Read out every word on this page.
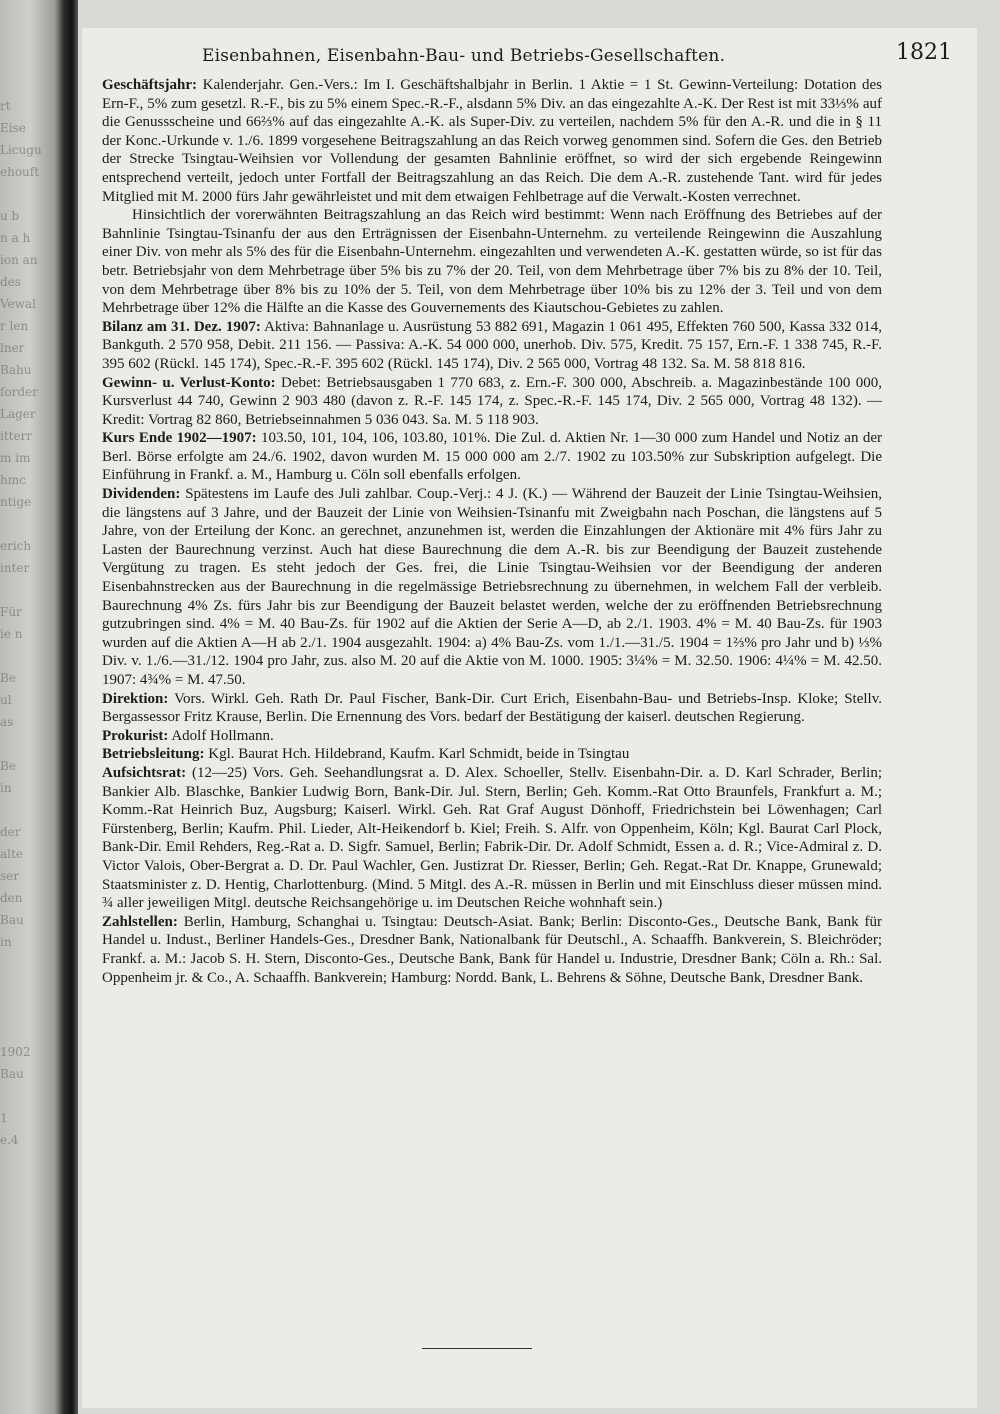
rt
Eise
Licugu
ehouft

u b
n a h
ion an
des
Vewal
r len
lner
Bahu
forder
Lager
itterr
m im
hmc
ntige

erich
inter

Für
ie n

Be
ul
as

Be
in

der
alte
ser
den
Bau
in

1902
Bau

1
e.4
Eisenbahnen, Eisenbahn-Bau- und Betriebs-Gesellschaften.	1821

Geschäftsjahr: Kalenderjahr. Gen.-Vers.: Im I. Geschäftshalbjahr in Berlin. 1 Aktie = 1 St. Gewinn-Verteilung: Dotation des Ern-F., 5% zum gesetzl. R.-F., bis zu 5% einem Spec.-R.-F., alsdann 5% Div. an das eingezahlte A.-K. Der Rest ist mit 33⅓% auf die Genussscheine und 66⅔% auf das eingezahlte A.-K. als Super-Div. zu verteilen, nachdem 5% für den A.-R. und die in § 11 der Konc.-Urkunde v. 1./6. 1899 vorgesehene Beitragszahlung an das Reich vorweg genommen sind. Sofern die Ges. den Betrieb der Strecke Tsingtau-Weihsien vor Vollendung der gesamten Bahnlinie eröffnet, so wird der sich ergebende Reingewinn entsprechend verteilt, jedoch unter Fortfall der Beitragszahlung an das Reich. Die dem A.-R. zustehende Tant. wird für jedes Mitglied mit M. 2000 fürs Jahr gewährleistet und mit dem etwaigen Fehlbetrage auf die Verwalt.-Kosten verrechnet.

Hinsichtlich der vorerwähnten Beitragszahlung an das Reich wird bestimmt: Wenn nach Eröffnung des Betriebes auf der Bahnlinie Tsingtau-Tsinanfu der aus den Erträgnissen der Eisenbahn-Unternehm. zu verteilende Reingewinn die Auszahlung einer Div. von mehr als 5% des für die Eisenbahn-Unternehm. eingezahlten und verwendeten A.-K. gestatten würde, so ist für das betr. Betriebsjahr von dem Mehrbetrage über 5% bis zu 7% der 20. Teil, von dem Mehrbetrage über 7% bis zu 8% der 10. Teil, von dem Mehrbetrage über 8% bis zu 10% der 5. Teil, von dem Mehrbetrage über 10% bis zu 12% der 3. Teil und von dem Mehrbetrage über 12% die Hälfte an die Kasse des Gouvernements des Kiautschou-Gebietes zu zahlen.

Bilanz am 31. Dez. 1907: Aktiva: Bahnanlage u. Ausrüstung 53 882 691, Magazin 1 061 495, Effekten 760 500, Kassa 332 014, Bankguth. 2 570 958, Debit. 211 156. — Passiva: A.-K. 54 000 000, unerhob. Div. 575, Kredit. 75 157, Ern.-F. 1 338 745, R.-F. 395 602 (Rückl. 145 174), Spec.-R.-F. 395 602 (Rückl. 145 174), Div. 2 565 000, Vortrag 48 132. Sa. M. 58 818 816.

Gewinn- u. Verlust-Konto: Debet: Betriebsausgaben 1 770 683, z. Ern.-F. 300 000, Abschreib. a. Magazinbestände 100 000, Kursverlust 44 740, Gewinn 2 903 480 (davon z. R.-F. 145 174, z. Spec.-R.-F. 145 174, Div. 2 565 000, Vortrag 48 132). — Kredit: Vortrag 82 860, Betriebseinnahmen 5 036 043. Sa. M. 5 118 903.

Kurs Ende 1902—1907: 103.50, 101, 104, 106, 103.80, 101%. Die Zul. d. Aktien Nr. 1—30 000 zum Handel und Notiz an der Berl. Börse erfolgte am 24./6. 1902, davon wurden M. 15 000 000 am 2./7. 1902 zu 103.50% zur Subskription aufgelegt. Die Einführung in Frankf. a. M., Hamburg u. Cöln soll ebenfalls erfolgen.

Dividenden: Spätestens im Laufe des Juli zahlbar. Coup.-Verj.: 4 J. (K.) — Während der Bauzeit der Linie Tsingtau-Weihsien, die längstens auf 3 Jahre, und der Bauzeit der Linie von Weihsien-Tsinanfu mit Zweigbahn nach Poschan, die längstens auf 5 Jahre, von der Erteilung der Konc. an gerechnet, anzunehmen ist, werden die Einzahlungen der Aktionäre mit 4% fürs Jahr zu Lasten der Baurechnung verzinst. Auch hat diese Baurechnung die dem A.-R. bis zur Beendigung der Bauzeit zustehende Vergütung zu tragen. Es steht jedoch der Ges. frei, die Linie Tsingtau-Weihsien vor der Beendigung der anderen Eisenbahnstrecken aus der Baurechnung in die regelmässige Betriebsrechnung zu übernehmen, in welchem Fall der verbleib. Baurechnung 4% Zs. fürs Jahr bis zur Beendigung der Bauzeit belastet werden, welche der zu eröffnenden Betriebsrechnung gutzubringen sind. 4% = M. 40 Bau-Zs. für 1902 auf die Aktien der Serie A—D, ab 2./1. 1903. 4% = M. 40 Bau-Zs. für 1903 wurden auf die Aktien A—H ab 2./1. 1904 ausgezahlt. 1904: a) 4% Bau-Zs. vom 1./1.—31./5. 1904 = 1⅔% pro Jahr und b) ⅓% Div. v. 1./6.—31./12. 1904 pro Jahr, zus. also M. 20 auf die Aktie von M. 1000. 1905: 3¼% = M. 32.50. 1906: 4¼% = M. 42.50. 1907: 4¾% = M. 47.50.

Direktion: Vors. Wirkl. Geh. Rath Dr. Paul Fischer, Bank-Dir. Curt Erich, Eisenbahn-Bau- und Betriebs-Insp. Kloke; Stellv. Bergassessor Fritz Krause, Berlin. Die Ernennung des Vors. bedarf der Bestätigung der kaiserl. deutschen Regierung.

Prokurist: Adolf Hollmann.

Betriebsleitung: Kgl. Baurat Hch. Hildebrand, Kaufm. Karl Schmidt, beide in Tsingtau

Aufsichtsrat: (12—25) Vors. Geh. Seehandlungsrat a. D. Alex. Schoeller, Stellv. Eisenbahn-Dir. a. D. Karl Schrader, Berlin; Bankier Alb. Blaschke, Bankier Ludwig Born, Bank-Dir. Jul. Stern, Berlin; Geh. Komm.-Rat Otto Braunfels, Frankfurt a. M.; Komm.-Rat Heinrich Buz, Augsburg; Kaiserl. Wirkl. Geh. Rat Graf August Dönhoff, Friedrichstein bei Löwenhagen; Carl Fürstenberg, Berlin; Kaufm. Phil. Lieder, Alt-Heikendorf b. Kiel; Freih. S. Alfr. von Oppenheim, Köln; Kgl. Baurat Carl Plock, Bank-Dir. Emil Rehders, Reg.-Rat a. D. Sigfr. Samuel, Berlin; Fabrik-Dir. Dr. Adolf Schmidt, Essen a. d. R.; Vice-Admiral z. D. Victor Valois, Ober-Bergrat a. D. Dr. Paul Wachler, Gen. Justizrat Dr. Riesser, Berlin; Geh. Regat.-Rat Dr. Knappe, Grunewald; Staatsminister z. D. Hentig, Charlottenburg. (Mind. 5 Mitgl. des A.-R. müssen in Berlin und mit Einschluss dieser müssen mind. ¾ aller jeweiligen Mitgl. deutsche Reichsangehörige u. im Deutschen Reiche wohnhaft sein.)

Zahlstellen: Berlin, Hamburg, Schanghai u. Tsingtau: Deutsch-Asiat. Bank; Berlin: Disconto-Ges., Deutsche Bank, Bank für Handel u. Indust., Berliner Handels-Ges., Dresdner Bank, Nationalbank für Deutschl., A. Schaaffh. Bankverein, S. Bleichröder; Frankf. a. M.: Jacob S. H. Stern, Disconto-Ges., Deutsche Bank, Bank für Handel u. Industrie, Dresdner Bank; Cöln a. Rh.: Sal. Oppenheim jr. & Co., A. Schaaffh. Bankverein; Hamburg: Nordd. Bank, L. Behrens & Söhne, Deutsche Bank, Dresdner Bank.
